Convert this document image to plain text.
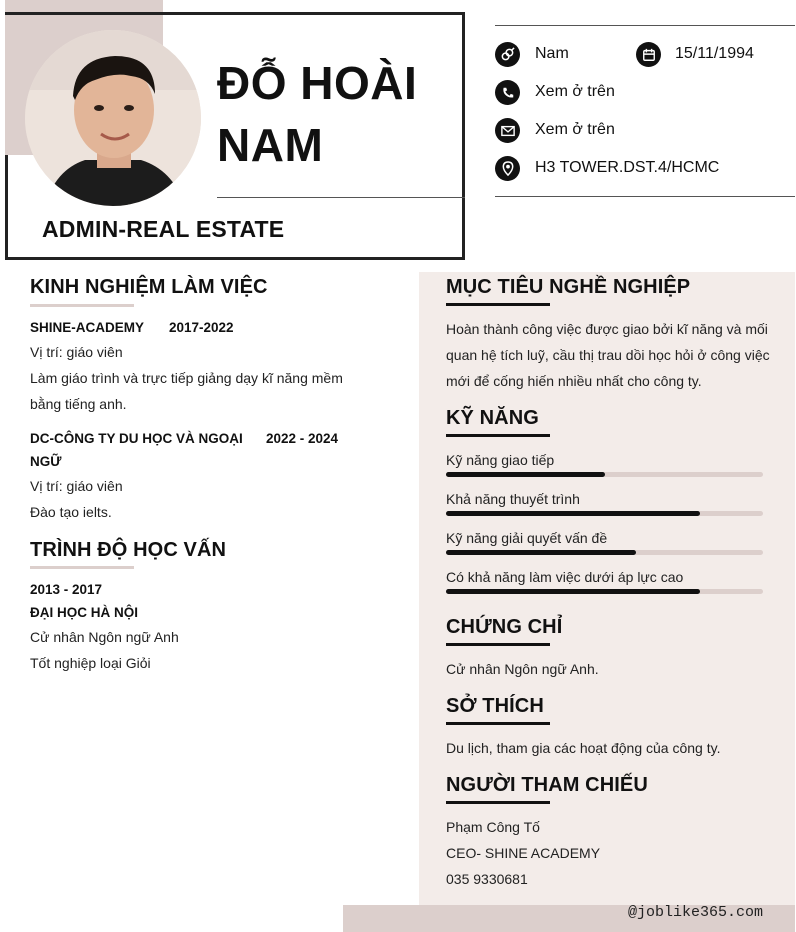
ĐỖ HOÀI
NAM
ADMIN-REAL ESTATE
Nam	15/11/1994
Xem ở trên
Xem ở trên
H3 TOWER.DST.4/HCMC
KINH NGHIỆM LÀM VIỆC
SHINE-ACADEMY 2017-2022
Vị trí: giáo viên
Làm giáo trình và trực tiếp giảng dạy kĩ năng mềm
bằng tiếng anh.
DC-CÔNG TY DU HỌC VÀ NGOẠI
NGỮ
2022 - 2024
Vị trí: giáo viên
Đào tạo ielts.
TRÌNH ĐỘ HỌC VẤN
2013 - 2017
ĐẠI HỌC HÀ NỘI
Cử nhân Ngôn ngữ Anh
Tốt nghiệp loại Giỏi
MỤC TIÊU NGHỀ NGHIỆP
Hoàn thành công việc được giao bởi kĩ năng và mối
quan hệ tích luỹ, cầu thị trau dồi học hỏi ở công việc
mới để cống hiến nhiều nhất cho công ty.
KỸ NĂNG
Kỹ năng giao tiếp
Khả năng thuyết trình
Kỹ năng giải quyết vấn đề
Có khả năng làm việc dưới áp lực cao
CHỨNG CHỈ
Cử nhân Ngôn ngữ Anh.
SỞ THÍCH
Du lịch, tham gia các hoạt động của công ty.
NGƯỜI THAM CHIẾU
Phạm Công Tố
CEO- SHINE ACADEMY
035 9330681
@joblike365.com
